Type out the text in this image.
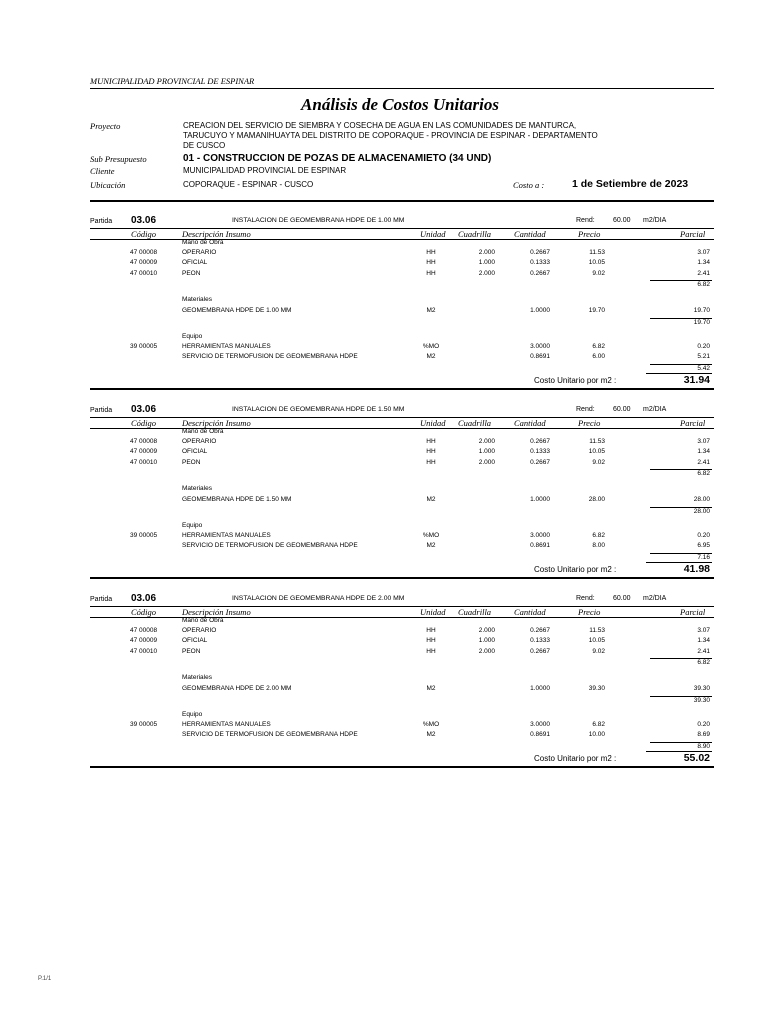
MUNICIPALIDAD PROVINCIAL DE ESPINAR
Análisis de Costos Unitarios
Proyecto	CREACION DEL SERVICIO DE SIEMBRA Y COSECHA DE AGUA EN LAS COMUNIDADES DE MANTURCA,
TARUCUYO Y MAMANIHUAYTA DEL DISTRITO DE COPORAQUE - PROVINCIA DE ESPINAR - DEPARTAMENTO
DE CUSCO
Sub Presupuesto	01 - CONSTRUCCION DE POZAS DE ALMACENAMIETO (34 UND)
Cliente	MUNICIPALIDAD PROVINCIAL DE ESPINAR
Ubicación	COPORAQUE - ESPINAR - CUSCO	Costo a :	1 de Setiembre de 2023
Partida 03.06	INSTALACION DE GEOMEMBRANA HDPE DE 1.00 MM	Rend:	60.00 m2/DIA
Código	Descripción Insumo	Unidad Cuadrilla	Cantidad	Precio	Parcial
Mano de Obra
47 00008	OPERARIO	HH	2.000	0.2667	11.53	3.07
47 00009	OFICIAL	HH	1.000	0.1333	10.05	1.34
47 00010	PEON	HH	2.000	0.2667	9.02	2.41
6.82
Materiales
GEOMEMBRANA HDPE DE 1.00 MM	M2	1.0000	19.70	19.70
19.70
Equipo
39 00005	HERRAMIENTAS MANUALES	%MO	3.0000	6.82	0.20
SERVICIO DE TERMOFUSION DE GEOMEMBRANA HDPE	M2	0.8691	6.00	5.21
5.42
Costo Unitario por m2 :	31.94
Partida 03.06	INSTALACION DE GEOMEMBRANA HDPE DE 1.50 MM	Rend:	60.00 m2/DIA
Código	Descripción Insumo	Unidad Cuadrilla	Cantidad	Precio	Parcial
Mano de Obra
47 00008	OPERARIO	HH	2.000	0.2667	11.53	3.07
47 00009	OFICIAL	HH	1.000	0.1333	10.05	1.34
47 00010	PEON	HH	2.000	0.2667	9.02	2.41
6.82
Materiales
GEOMEMBRANA HDPE DE 1.50 MM	M2	1.0000	28.00	28.00
28.00
Equipo
39 00005	HERRAMIENTAS MANUALES	%MO	3.0000	6.82	0.20
SERVICIO DE TERMOFUSION DE GEOMEMBRANA HDPE	M2	0.8691	8.00	6.95
7.16
Costo Unitario por m2 :	41.98
Partida 03.06	INSTALACION DE GEOMEMBRANA HDPE DE 2.00 MM	Rend:	60.00 m2/DIA
Código	Descripción Insumo	Unidad Cuadrilla	Cantidad	Precio	Parcial
Mano de Obra
47 00008	OPERARIO	HH	2.000	0.2667	11.53	3.07
47 00009	OFICIAL	HH	1.000	0.1333	10.05	1.34
47 00010	PEON	HH	2.000	0.2667	9.02	2.41
6.82
Materiales
GEOMEMBRANA HDPE DE 2.00 MM	M2	1.0000	39.30	39.30
39.30
Equipo
39 00005	HERRAMIENTAS MANUALES	%MO	3.0000	6.82	0.20
SERVICIO DE TERMOFUSION DE GEOMEMBRANA HDPE	M2	0.8691	10.00	8.69
8.90
Costo Unitario por m2 :	55.02
P.1/1
